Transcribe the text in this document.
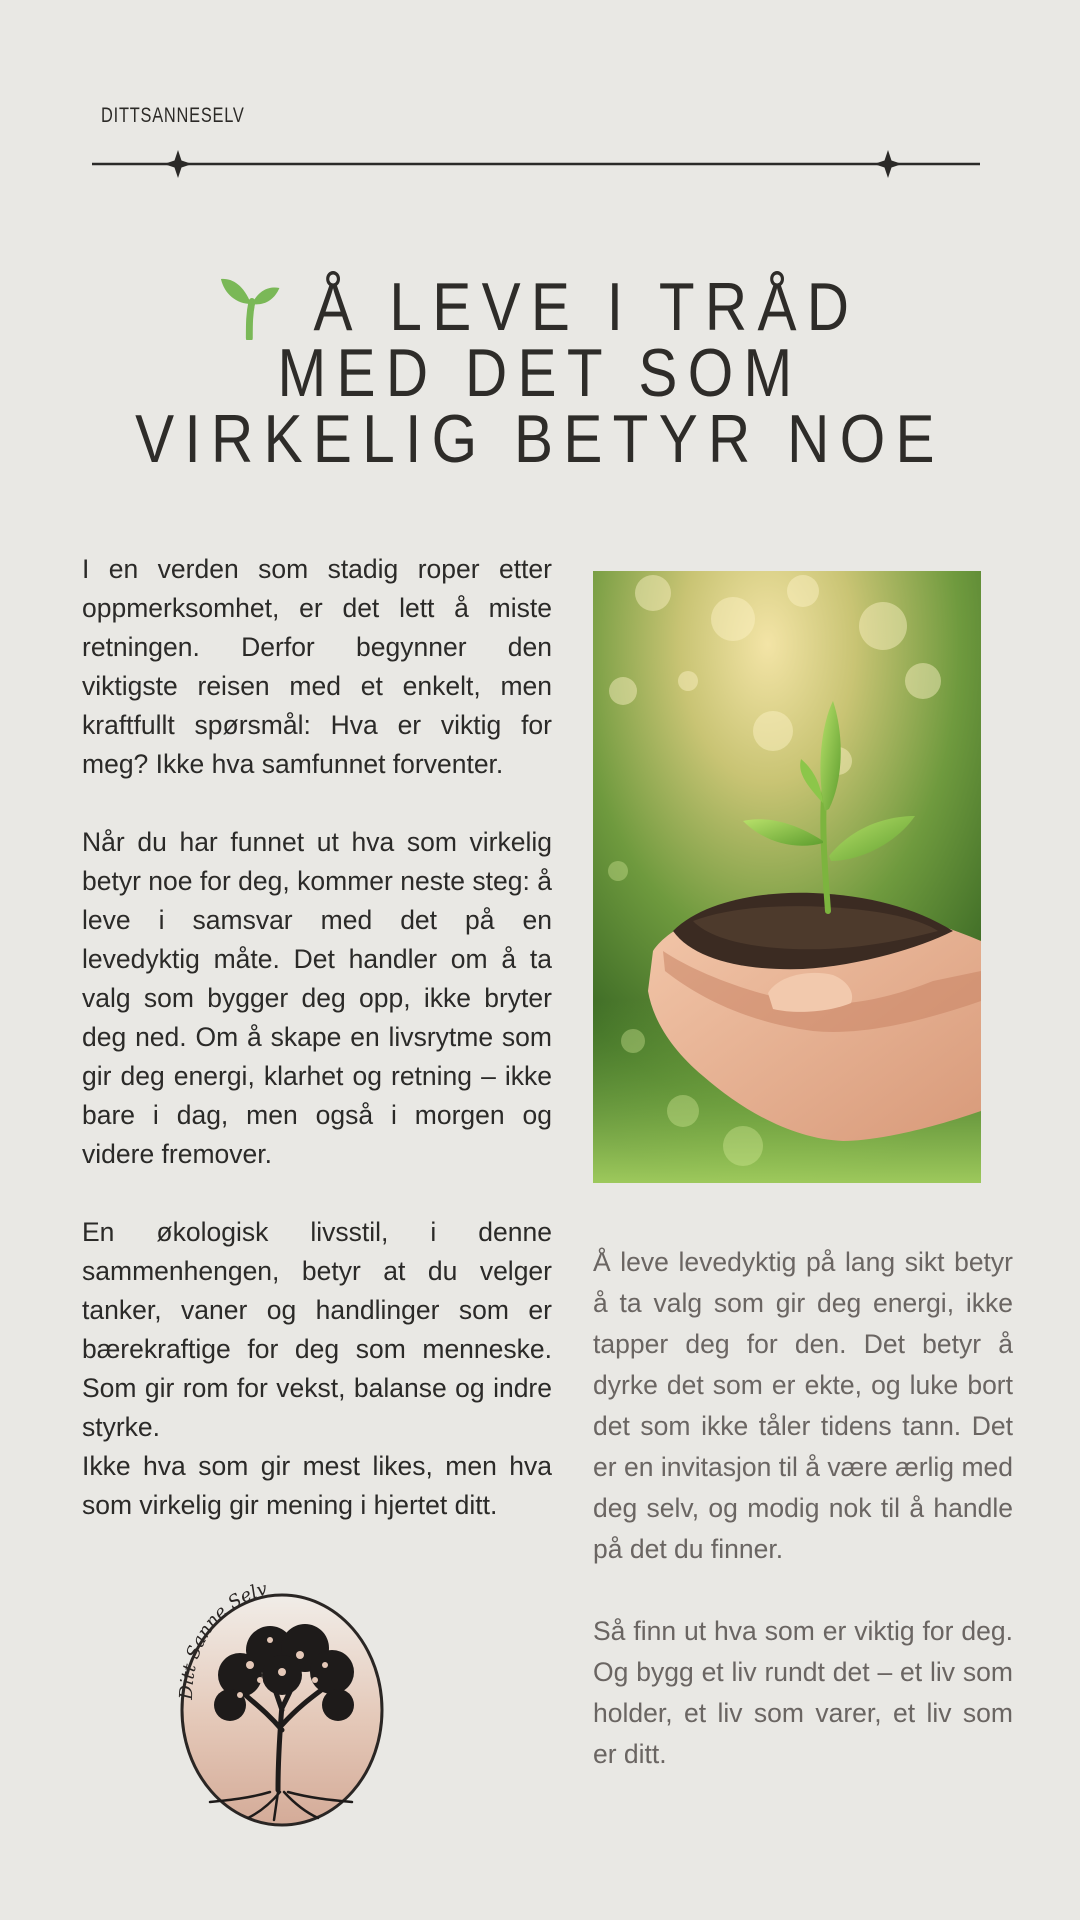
DITTSANNESELV
Å LEVE I TRÅD
MED DET SOM
VIRKELIG BETYR NOE

I en verden som stadig roper etter oppmerksomhet, er det lett å miste retningen. Derfor begynner den viktigste reisen med et enkelt, men kraftfullt spørsmål: Hva er viktig for meg? Ikke hva samfunnet forventer.

Når du har funnet ut hva som virkelig betyr noe for deg, kommer neste steg: å leve i samsvar med det på en levedyktig måte. Det handler om å ta valg som bygger deg opp, ikke bryter deg ned. Om å skape en livsrytme som gir deg energi, klarhet og retning – ikke bare i dag, men også i morgen og videre fremover.

En økologisk livsstil, i denne sammenhengen, betyr at du velger tanker, vaner og handlinger som er bærekraftige for deg som menneske. Som gir rom for vekst, balanse og indre styrke.

Ikke hva som gir mest likes, men hva som virkelig gir mening i hjertet ditt.

Å leve levedyktig på lang sikt betyr å ta valg som gir deg energi, ikke tapper deg for den. Det betyr å dyrke det som er ekte, og luke bort det som ikke tåler tidens tann. Det er en invitasjon til å være ærlig med deg selv, og modig nok til å handle på det du finner.

Så finn ut hva som er viktig for deg. Og bygg et liv rundt det – et liv som holder, et liv som varer, et liv som er ditt.

Ditt Sanne Selv
